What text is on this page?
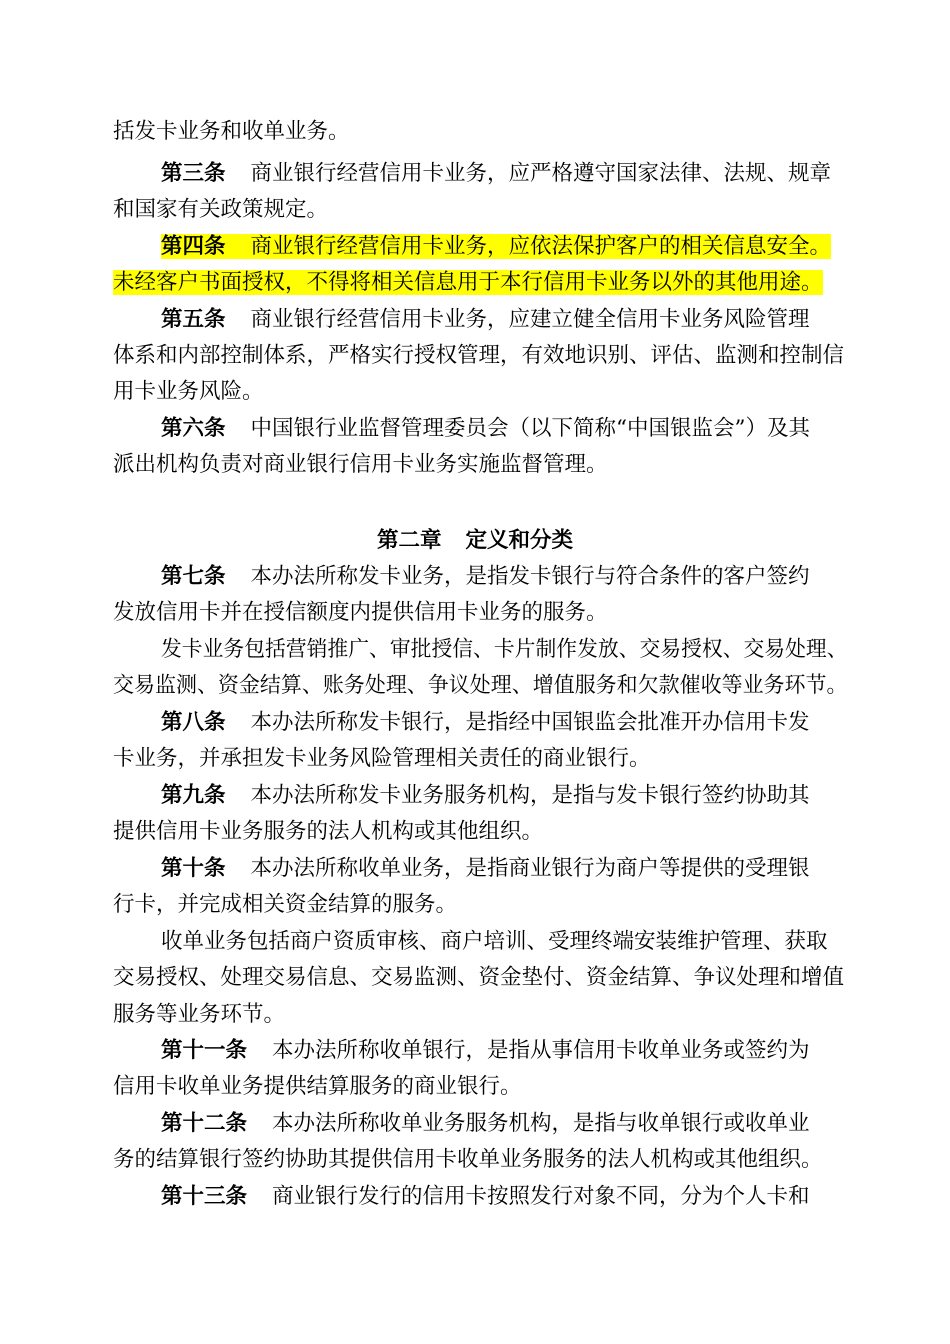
括发卡业务和收单业务。
第三条 商业银行经营信用卡业务，应严格遵守国家法律、法规、规章
和国家有关政策规定。
第四条 商业银行经营信用卡业务，应依法保护客户的相关信息安全。
未经客户书面授权，不得将相关信息用于本行信用卡业务以外的其他用途。
第五条 商业银行经营信用卡业务，应建立健全信用卡业务风险管理
体系和内部控制体系，严格实行授权管理，有效地识别、评估、监测和控制信
用卡业务风险。
第六条 中国银行业监督管理委员会（以下简称“中国银监会”）及其
派出机构负责对商业银行信用卡业务实施监督管理。
第二章 定义和分类
第七条 本办法所称发卡业务，是指发卡银行与符合条件的客户签约
发放信用卡并在授信额度内提供信用卡业务的服务。
发卡业务包括营销推广、审批授信、卡片制作发放、交易授权、交易处理、
交易监测、资金结算、账务处理、争议处理、增值服务和欠款催收等业务环节。
第八条 本办法所称发卡银行，是指经中国银监会批准开办信用卡发
卡业务，并承担发卡业务风险管理相关责任的商业银行。
第九条 本办法所称发卡业务服务机构，是指与发卡银行签约协助其
提供信用卡业务服务的法人机构或其他组织。
第十条 本办法所称收单业务，是指商业银行为商户等提供的受理银
行卡，并完成相关资金结算的服务。
收单业务包括商户资质审核、商户培训、受理终端安装维护管理、获取
交易授权、处理交易信息、交易监测、资金垫付、资金结算、争议处理和增值
服务等业务环节。
第十一条 本办法所称收单银行，是指从事信用卡收单业务或签约为
信用卡收单业务提供结算服务的商业银行。
第十二条 本办法所称收单业务服务机构，是指与收单银行或收单业
务的结算银行签约协助其提供信用卡收单业务服务的法人机构或其他组织。
第十三条 商业银行发行的信用卡按照发行对象不同，分为个人卡和
